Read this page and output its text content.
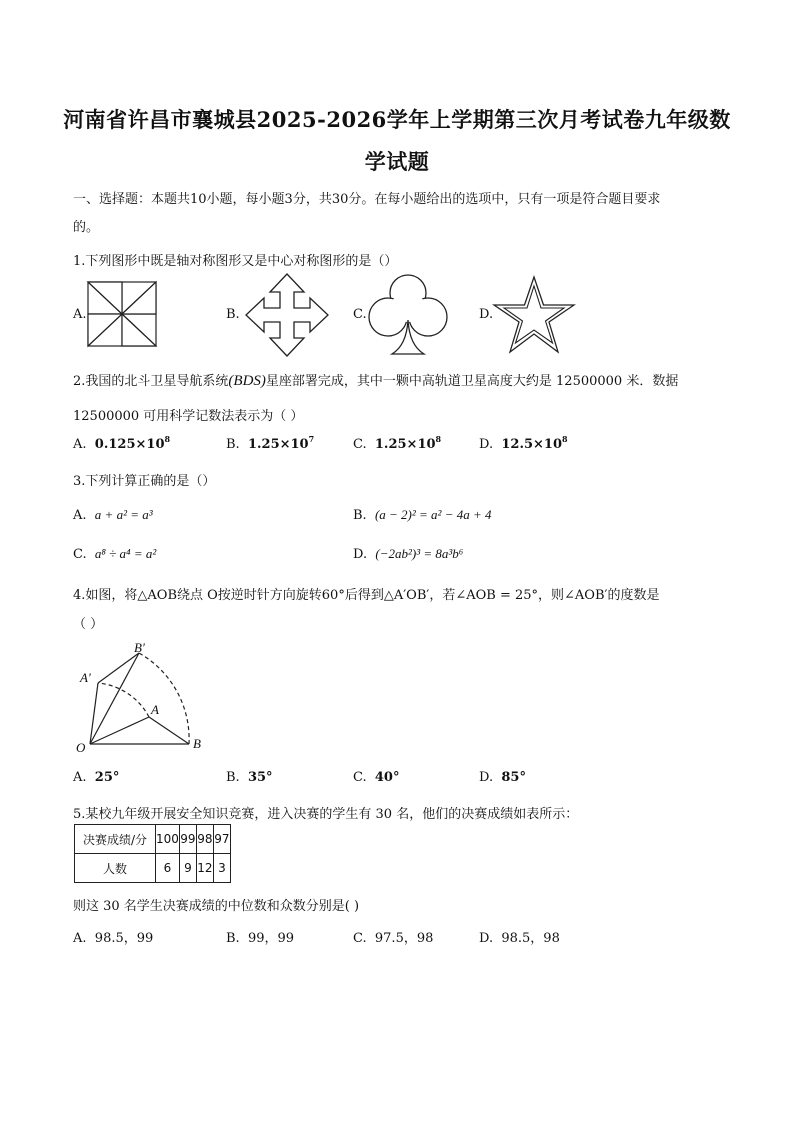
河南省许昌市襄城县2025-2026学年上学期第三次月考试卷九年级数
学试题
一、选择题：本题共10小题，每小题3分，共30分。在每小题给出的选项中，只有一项是符合题目要求
的。
1.下列图形中既是轴对称图形又是中心对称图形的是（）
A.	B.	C.	D.
2.我国的北斗卫星导航系统(BDS)星座部署完成，其中一颗中高轨道卫星高度大约是 12500000 米．数据
12500000 可用科学记数法表示为（ ）
A. $0.125\times 10^8$	B. $1.25\times 10^7$	C. $1.25\times 10^8$	D. $12.5\times 10^8$
3.下列计算正确的是（）
A. a + a² = a³	B. (a − 2)² = a² − 4a + 4
C. a⁸ ÷ a⁴ = a²	D. (−2ab²)³ = 8a³b⁶
4.如图，将△AOB绕点 O按逆时针方向旋转60°后得到△A′OB′，若∠AOB = 25°，则∠AOB′的度数是
（ ）
O
A
B
A′
B′
A. 25°	B. 35°	C. 40°	D. 85°
5.某校九年级开展安全知识竞赛，进入决赛的学生有 30 名，他们的决赛成绩如表所示：
决赛成绩/分	100	99	98	97
人数	6	9	12	3
则这 30 名学生决赛成绩的中位数和众数分别是( )
A. 98.5，99	B. 99，99	C. 97.5，98	D. 98.5，98
